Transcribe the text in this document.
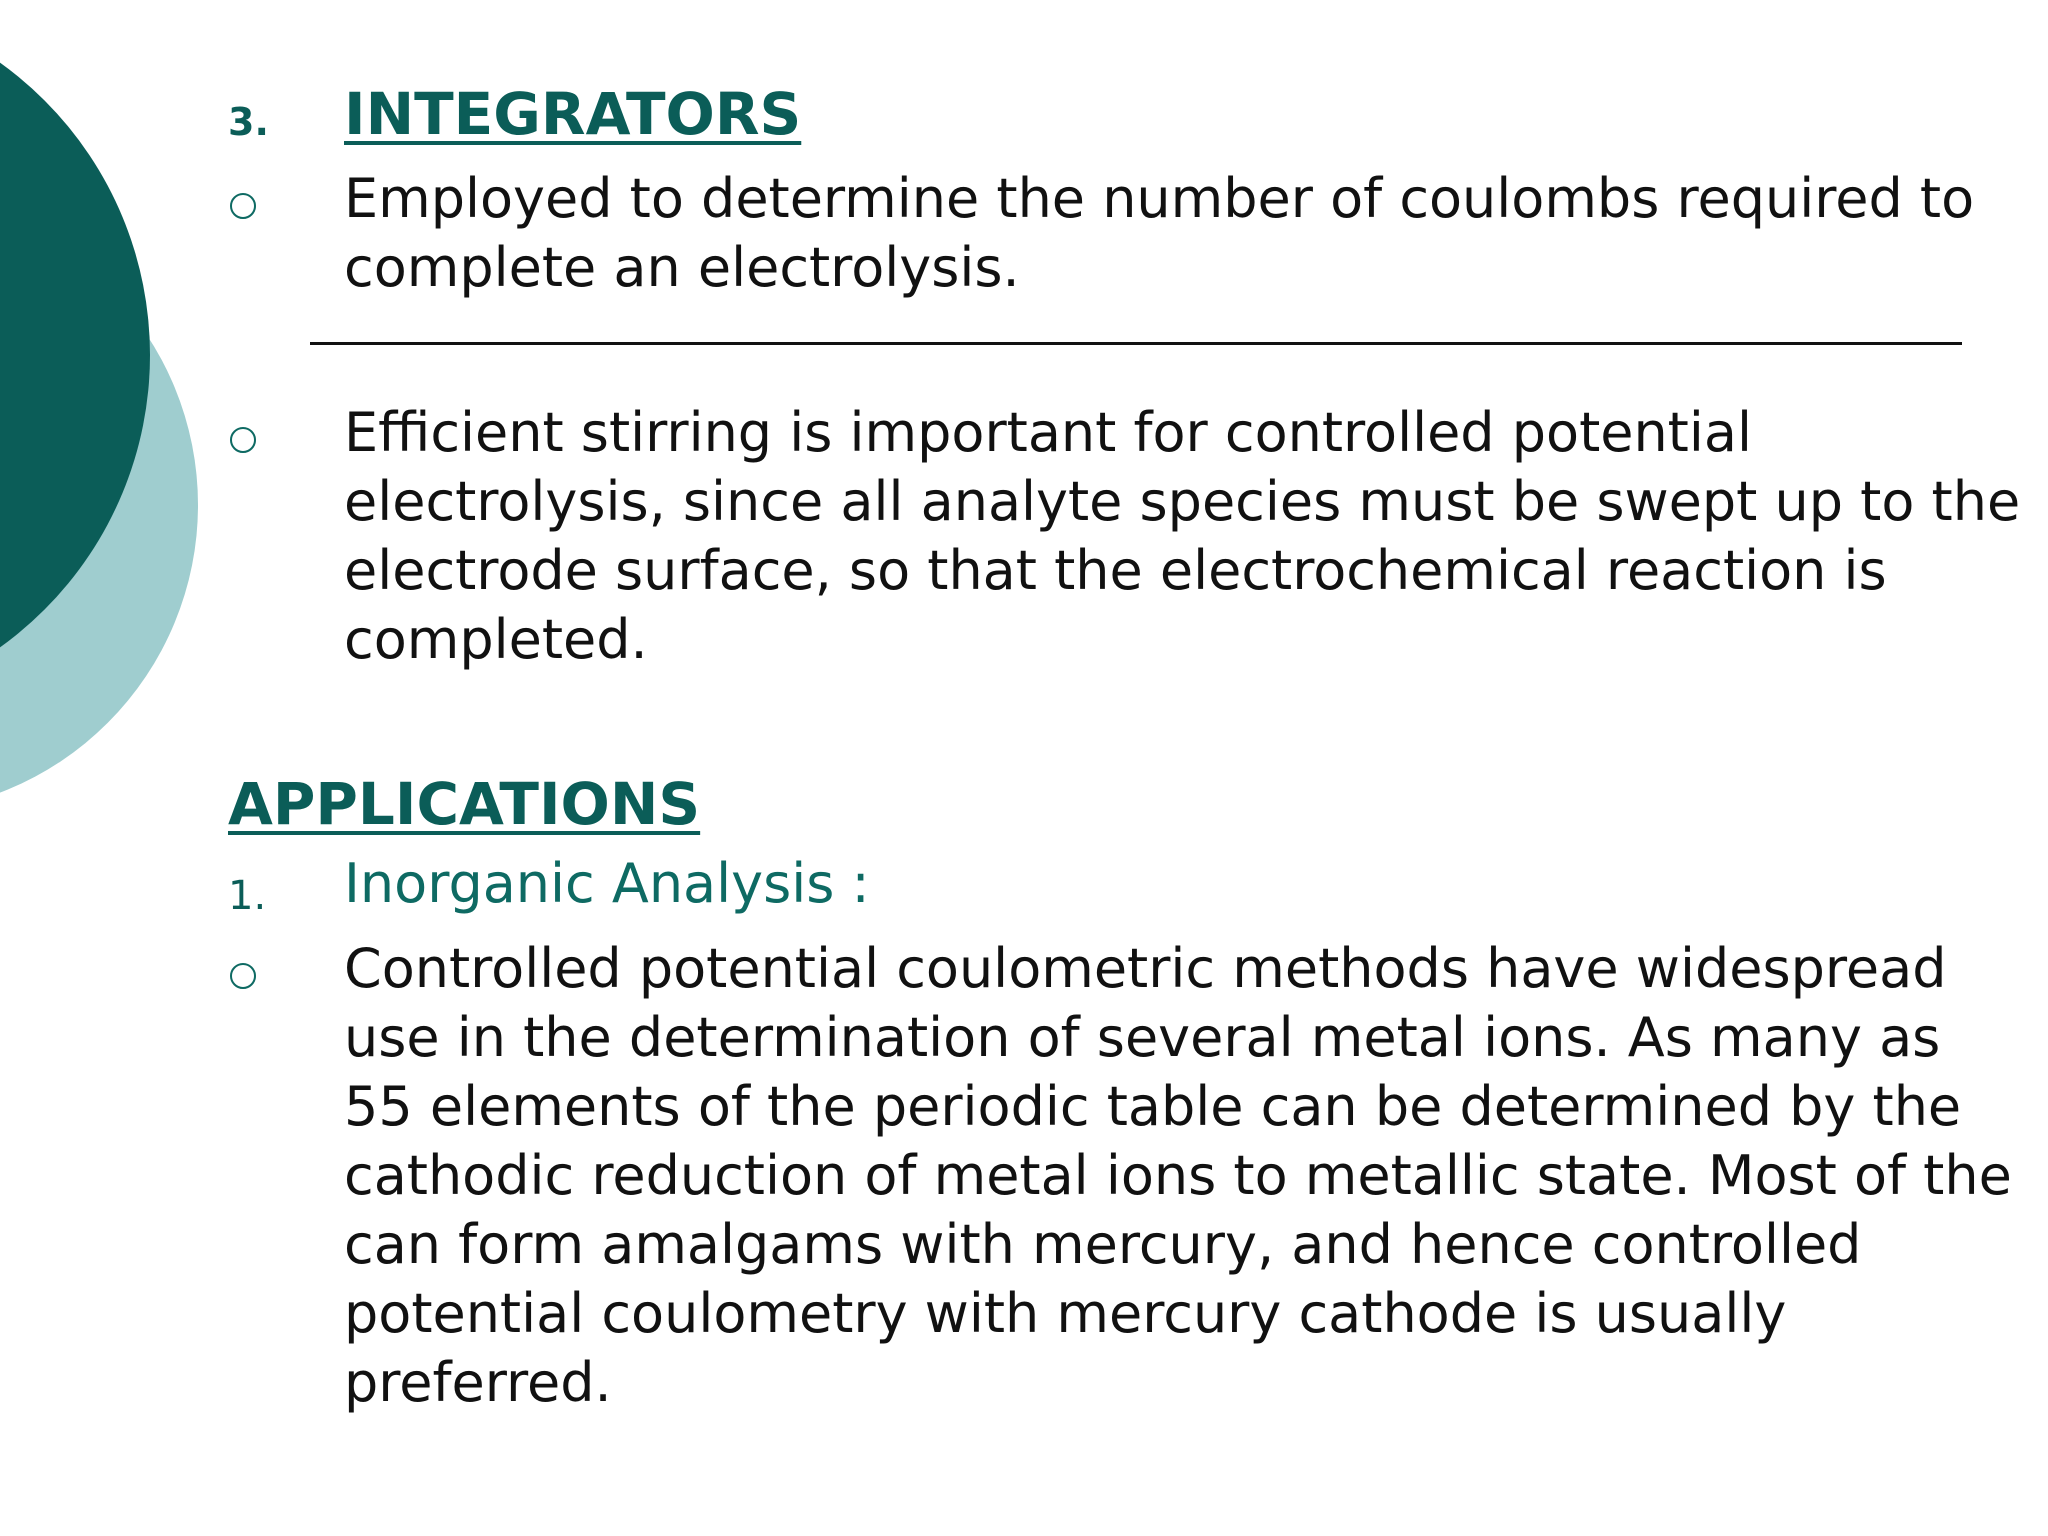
3. INTEGRATORS
Employed to determine the number of coulombs required to complete an electrolysis.
Efficient stirring is important for controlled potential electrolysis, since all analyte species must be swept up to the electrode surface, so that the electrochemical reaction is completed.
APPLICATIONS
1. Inorganic Analysis :
Controlled potential coulometric methods have widespread use in the determination of several metal ions. As many as 55 elements of the periodic table can be determined by the cathodic reduction of metal ions to metallic state. Most of the can form amalgams with mercury, and hence controlled potential coulometry with mercury cathode is usually preferred.
